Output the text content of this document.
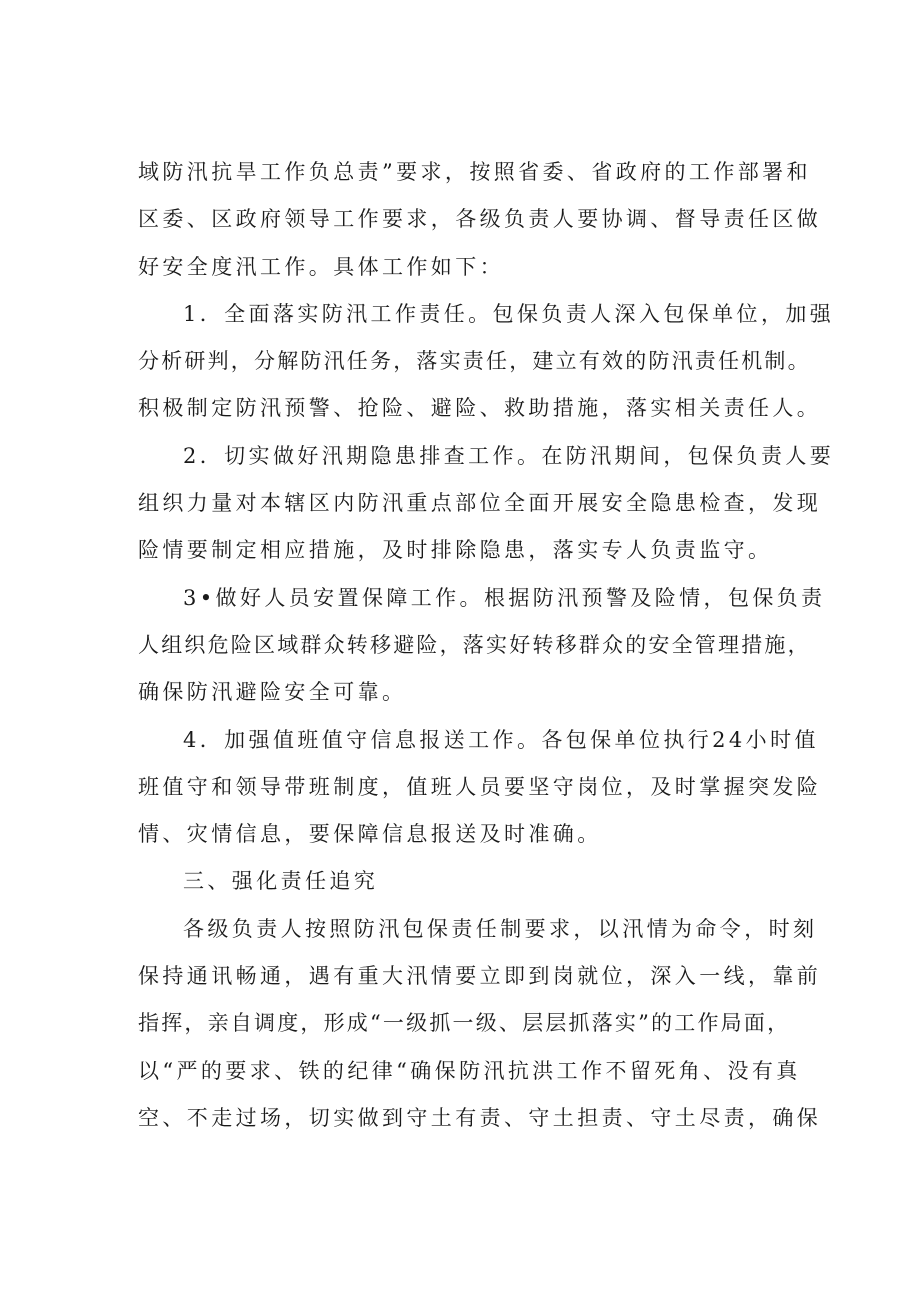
域防汛抗旱工作负总责”要求，按照省委、省政府的工作部署和
区委、区政府领导工作要求，各级负责人要协调、督导责任区做
好安全度汛工作。具体工作如下：
1．全面落实防汛工作责任。包保负责人深入包保单位，加强
分析研判，分解防汛任务，落实责任，建立有效的防汛责任机制。
积极制定防汛预警、抢险、避险、救助措施，落实相关责任人。
2．切实做好汛期隐患排查工作。在防汛期间，包保负责人要
组织力量对本辖区内防汛重点部位全面开展安全隐患检查，发现
险情要制定相应措施，及时排除隐患，落实专人负责监守。
3•做好人员安置保障工作。根据防汛预警及险情，包保负责
人组织危险区域群众转移避险，落实好转移群众的安全管理措施，
确保防汛避险安全可靠。
4．加强值班值守信息报送工作。各包保单位执行24小时值
班值守和领导带班制度，值班人员要坚守岗位，及时掌握突发险
情、灾情信息，要保障信息报送及时准确。
三、强化责任追究
各级负责人按照防汛包保责任制要求，以汛情为命令，时刻
保持通讯畅通，遇有重大汛情要立即到岗就位，深入一线，靠前
指挥，亲自调度，形成“一级抓一级、层层抓落实”的工作局面，
以“严的要求、铁的纪律“确保防汛抗洪工作不留死角、没有真
空、不走过场，切实做到守土有责、守土担责、守土尽责，确保
